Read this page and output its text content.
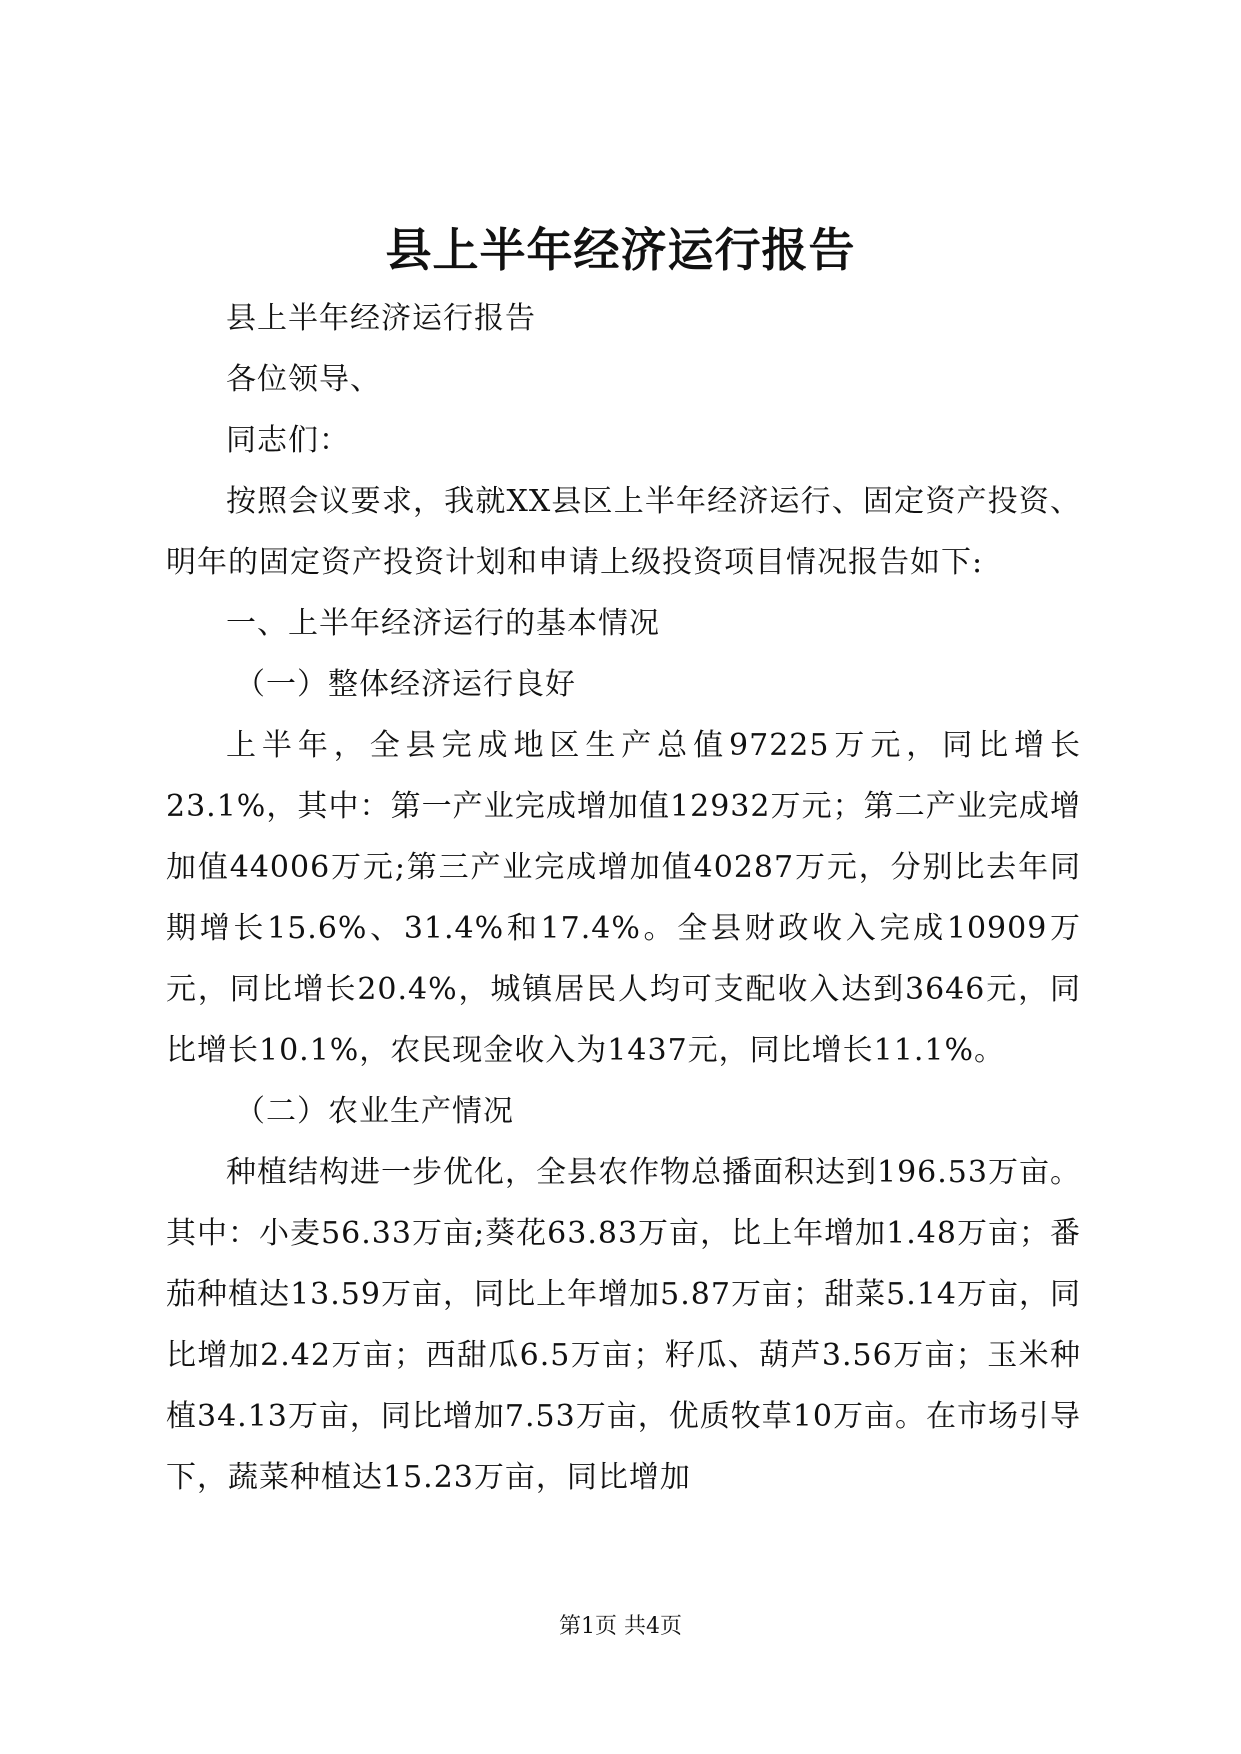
县上半年经济运行报告

县上半年经济运行报告

各位领导、

同志们：

按照会议要求，我就XX县区上半年经济运行、固定资产投资、明年的固定资产投资计划和申请上级投资项目情况报告如下:

一、上半年经济运行的基本情况

（一）整体经济运行良好

上半年，全县完成地区生产总值97225万元，同比增长23.1%，其中：第一产业完成增加值12932万元；第二产业完成增加值44006万元;第三产业完成增加值40287万元，分别比去年同期增长15.6%、31.4%和17.4%。全县财政收入完成10909万元，同比增长20.4%，城镇居民人均可支配收入达到3646元，同比增长10.1%，农民现金收入为1437元，同比增长11.1%。

（二）农业生产情况

种植结构进一步优化，全县农作物总播面积达到196.53万亩。其中：小麦56.33万亩;葵花63.83万亩，比上年增加1.48万亩；番茄种植达13.59万亩，同比上年增加5.87万亩；甜菜5.14万亩，同比增加2.42万亩；西甜瓜6.5万亩；籽瓜、葫芦3.56万亩；玉米种植34.13万亩，同比增加7.53万亩，优质牧草10万亩。在市场引导下，蔬菜种植达15.23万亩，同比增加

第1页 共4页
